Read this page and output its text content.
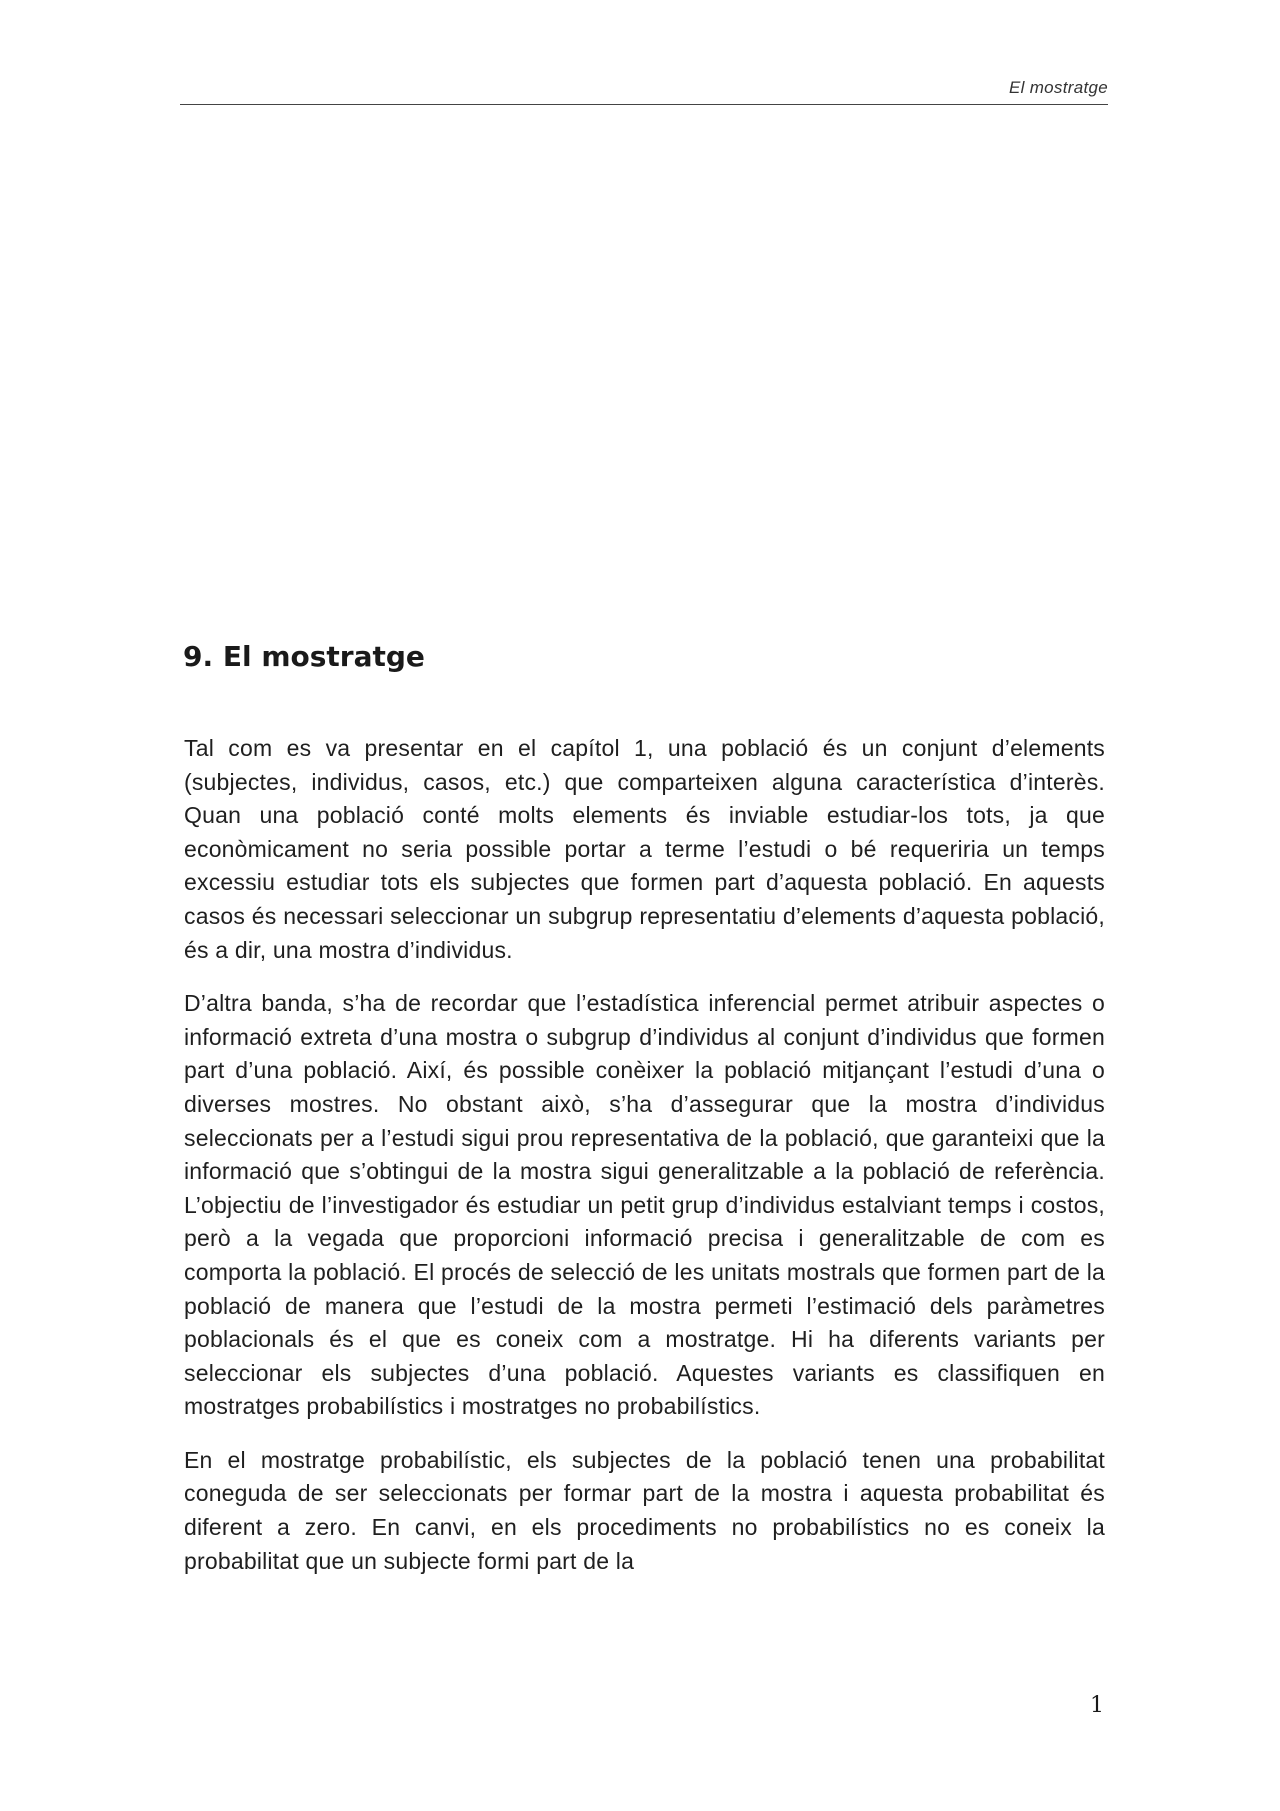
El mostratge
9. El mostratge

Tal com es va presentar en el capítol 1, una població és un conjunt d’elements (subjectes, individus, casos, etc.) que comparteixen alguna característica d’interès. Quan una població conté molts elements és inviable estudiar-los tots, ja que econòmicament no seria possible portar a terme l’estudi o bé requeriria un temps excessiu estudiar tots els subjectes que formen part d’aquesta població. En aquests casos és necessari seleccionar un subgrup representatiu d’elements d’aquesta població, és a dir, una mostra d’individus.

D’altra banda, s’ha de recordar que l’estadística inferencial permet atribuir aspectes o informació extreta d’una mostra o subgrup d’individus al conjunt d’individus que formen part d’una població. Així, és possible conèixer la població mitjançant l’estudi d’una o diverses mostres. No obstant això, s’ha d’assegurar que la mostra d’individus seleccionats per a l’estudi sigui prou representativa de la població, que garanteixi que la informació que s’obtingui de la mostra sigui generalitzable a la població de referència. L’objectiu de l’investigador és estudiar un petit grup d’individus estalviant temps i costos, però a la vegada que proporcioni informació precisa i generalitzable de com es comporta la població. El procés de selecció de les unitats mostrals que formen part de la població de manera que l’estudi de la mostra permeti l’estimació dels paràmetres poblacionals és el que es coneix com a mostratge. Hi ha diferents variants per seleccionar els subjectes d’una població. Aquestes variants es classifiquen en mostratges probabilístics i mostratges no probabilístics.

En el mostratge probabilístic, els subjectes de la població tenen una probabilitat coneguda de ser seleccionats per formar part de la mostra i aquesta probabilitat és diferent a zero. En canvi, en els procediments no probabilístics no es coneix la probabilitat que un subjecte formi part de la

1
